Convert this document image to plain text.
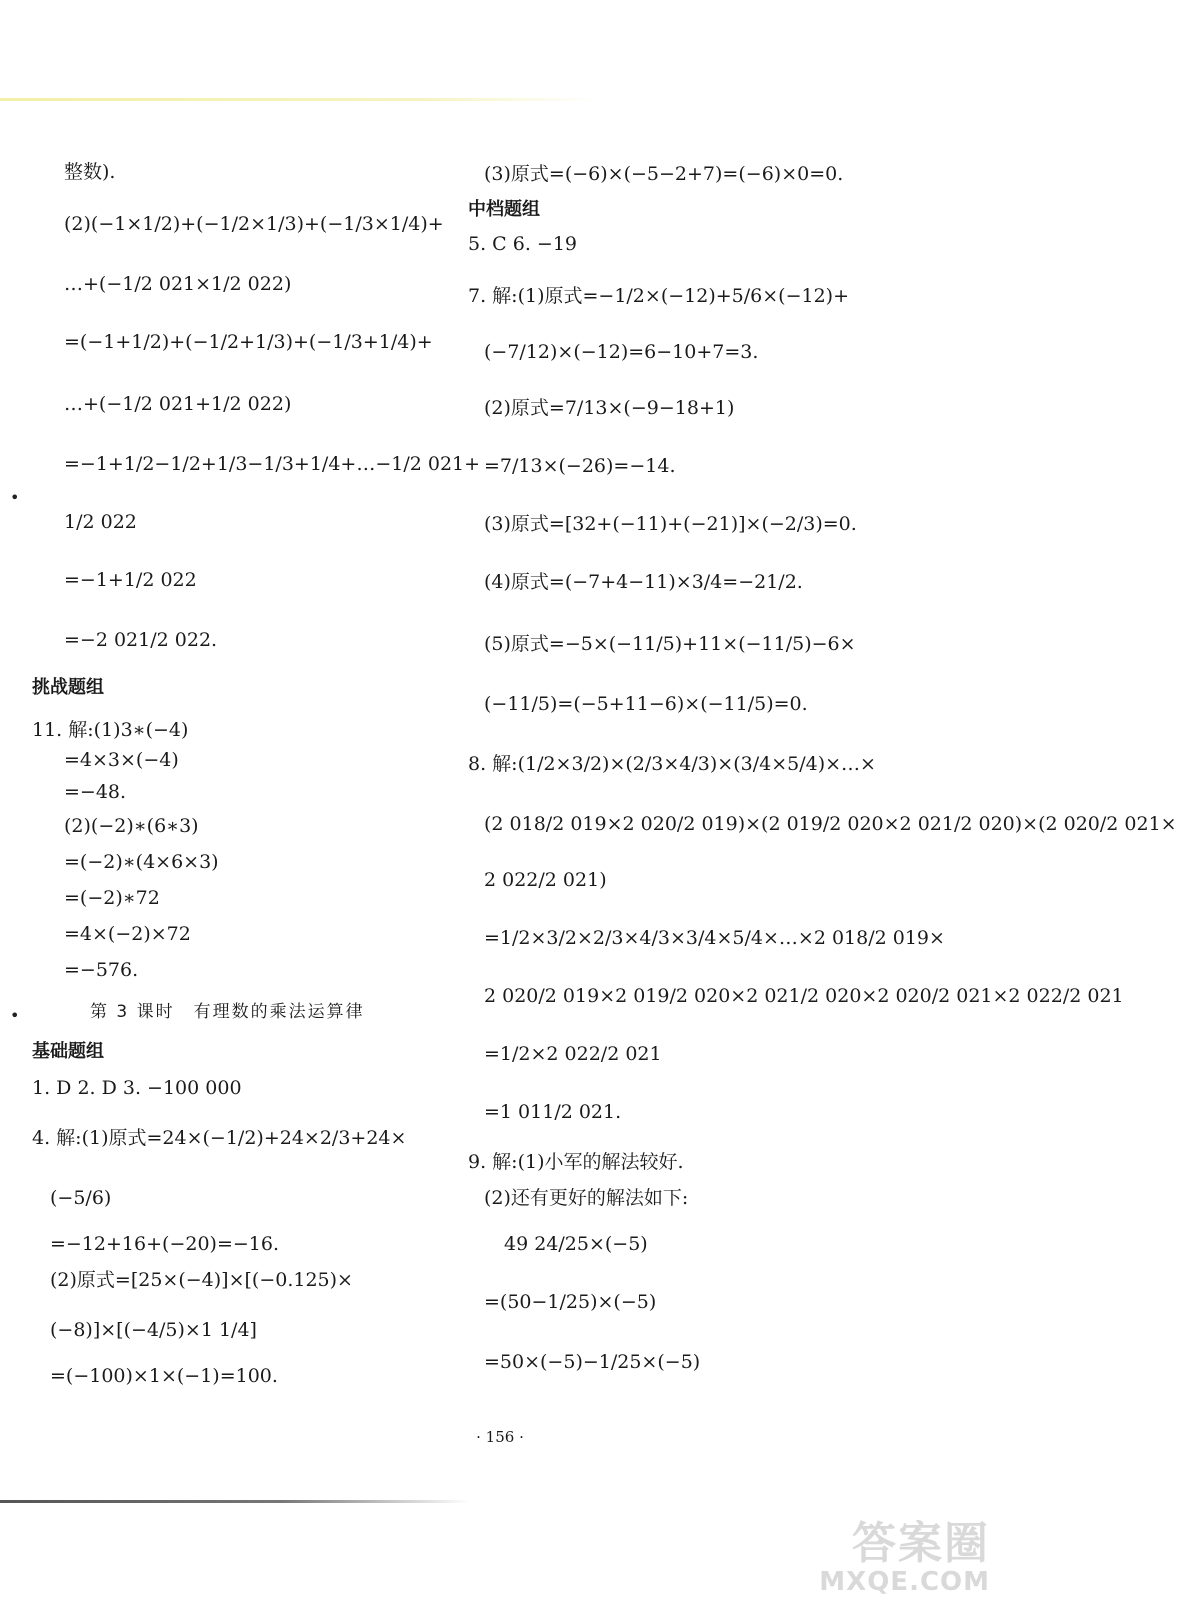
整数).
(2)(−1×1/2)+(−1/2×1/3)+(−1/3×1/4)+
…+(−1/2 021×1/2 022)
=(−1+1/2)+(−1/2+1/3)+(−1/3+1/4)+
…+(−1/2 021+1/2 022)
=−1+1/2−1/2+1/3−1/3+1/4+…−1/2 021+
1/2 022
=−1+1/2 022
=−2 021/2 022.
11. 解:(1)3∗(−4)
=4×3×(−4)
=−48.
(2)(−2)∗(6∗3)
=(−2)∗(4×6×3)
=(−2)∗72
=4×(−2)×72
=−576.
1. D 2. D 3. −100 000
4. 解:(1)原式=24×(−1/2)+24×2/3+24×
(−5/6)
=−12+16+(−20)=−16.
(2)原式=[25×(−4)]×[(−0.125)×
(−8)]×[(−4/5)×1 1/4]
=(−100)×1×(−1)=100.
挑战题组
基础题组
(3)原式=(−6)×(−5−2+7)=(−6)×0=0.
5. C 6. −19
7. 解:(1)原式=−1/2×(−12)+5/6×(−12)+
(−7/12)×(−12)=6−10+7=3.
(2)原式=7/13×(−9−18+1)
=7/13×(−26)=−14.
(3)原式=[32+(−11)+(−21)]×(−2/3)=0.
(4)原式=(−7+4−11)×3/4=−21/2.
(5)原式=−5×(−11/5)+11×(−11/5)−6×
(−11/5)=(−5+11−6)×(−11/5)=0.
8. 解:(1/2×3/2)×(2/3×4/3)×(3/4×5/4)×…×
(2 018/2 019×2 020/2 019)×(2 019/2 020×2 021/2 020)×(2 020/2 021×
2 022/2 021)
=1/2×3/2×2/3×4/3×3/4×5/4×…×2 018/2 019×
2 020/2 019×2 019/2 020×2 021/2 020×2 020/2 021×2 022/2 021
=1/2×2 022/2 021
=1 011/2 021.
9. 解:(1)小军的解法较好.
(2)还有更好的解法如下:
49 24/25×(−5)
=(50−1/25)×(−5)
=50×(−5)−1/25×(−5)
中档题组
第 3 课时　有理数的乘法运算律
•
•
· 156 ·
答案圈
MXQE.COM
